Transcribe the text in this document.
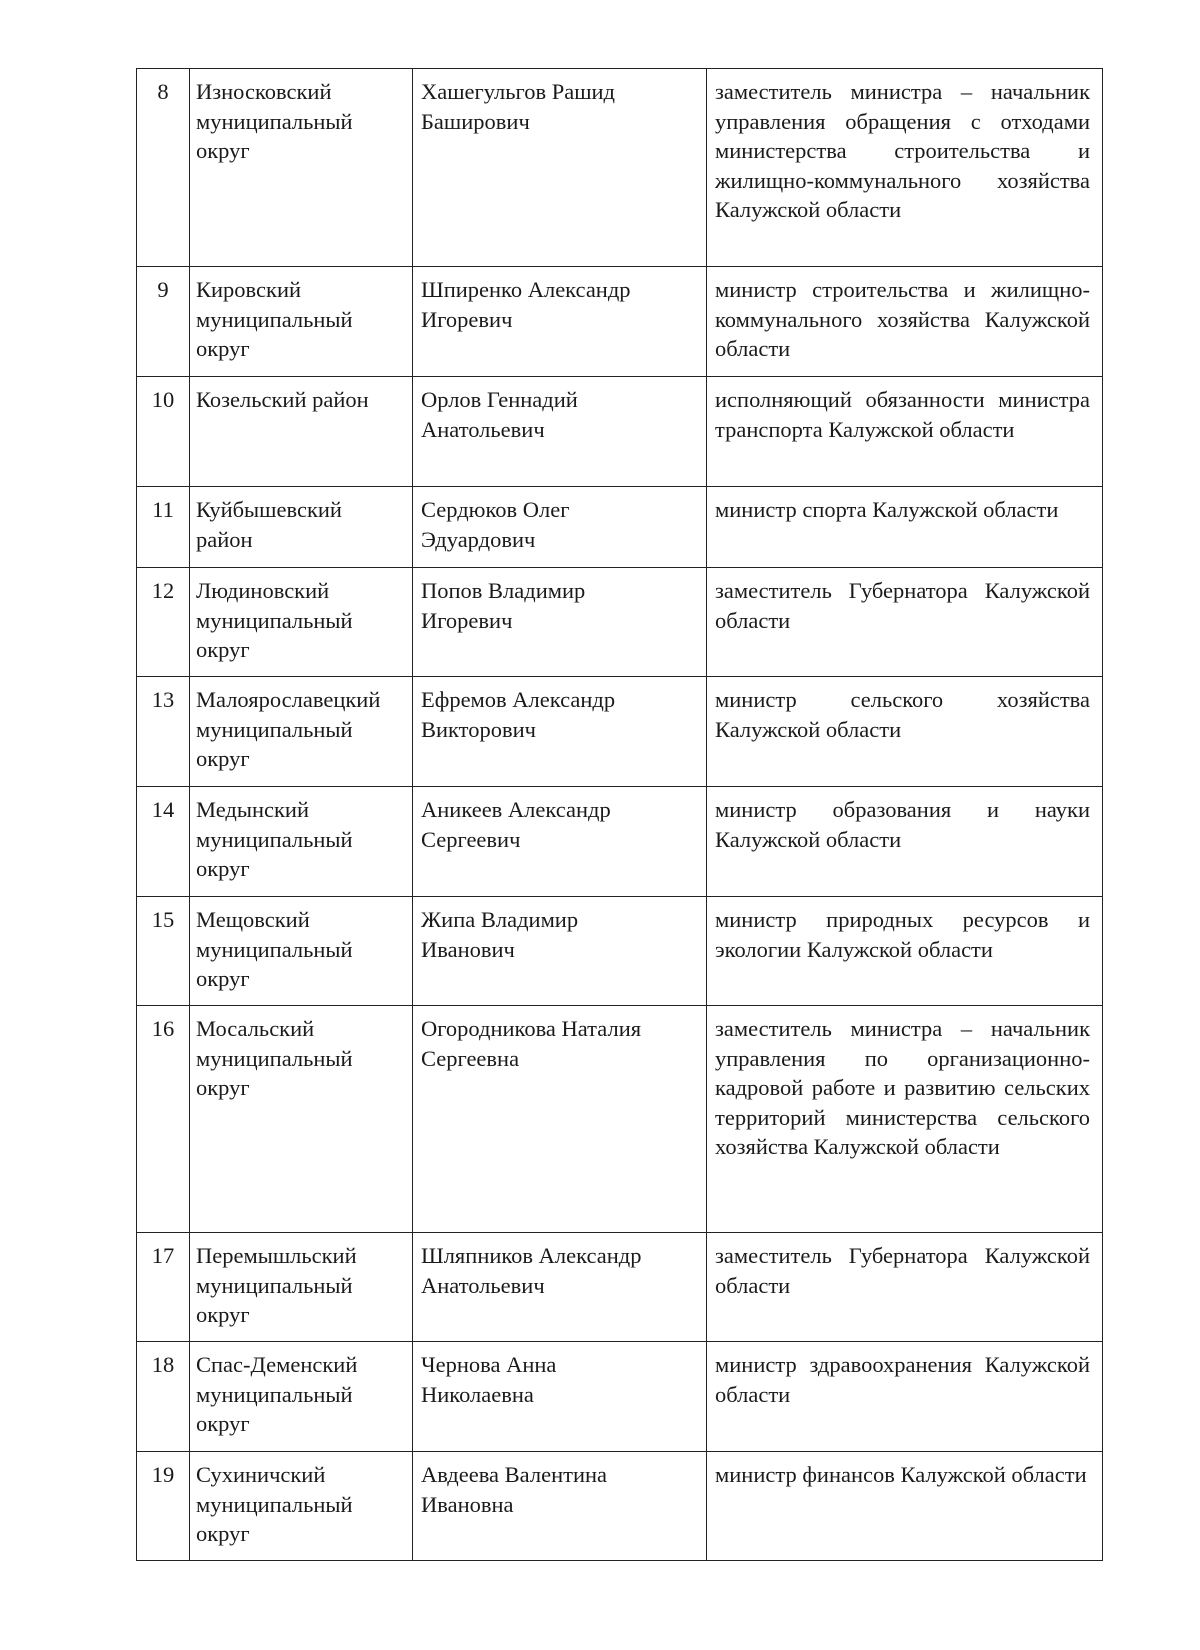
8	Износковский муниципальный округ	Хашегульгов Рашид Баширович	заместитель министра – начальник управления обращения с отходами министерства строительства и жилищно-коммунального хозяйства Калужской области
9	Кировский муниципальный округ	Шпиренко Александр Игоревич	министр строительства и жилищно-коммунального хозяйства Калужской области
10	Козельский район	Орлов Геннадий Анатольевич	исполняющий обязанности министра транспорта Калужской области
11	Куйбышевский район	Сердюков Олег Эдуардович	министр спорта Калужской области
12	Людиновский муниципальный округ	Попов Владимир Игоревич	заместитель Губернатора Калужской области
13	Малоярославецкий муниципальный округ	Ефремов Александр Викторович	министр сельского хозяйства Калужской области
14	Медынский муниципальный округ	Аникеев Александр Сергеевич	министр образования и науки Калужской области
15	Мещовский муниципальный округ	Жипа Владимир Иванович	министр природных ресурсов и экологии Калужской области
16	Мосальский муниципальный округ	Огородникова Наталия Сергеевна	заместитель министра – начальник управления по организационно-кадровой работе и развитию сельских территорий министерства сельского хозяйства Калужской области
17	Перемышльский муниципальный округ	Шляпников Александр Анатольевич	заместитель Губернатора Калужской области
18	Спас-Деменский муниципальный округ	Чернова Анна Николаевна	министр здравоохранения Калужской области
19	Сухиничский муниципальный округ	Авдеева Валентина Ивановна	министр финансов Калужской области
